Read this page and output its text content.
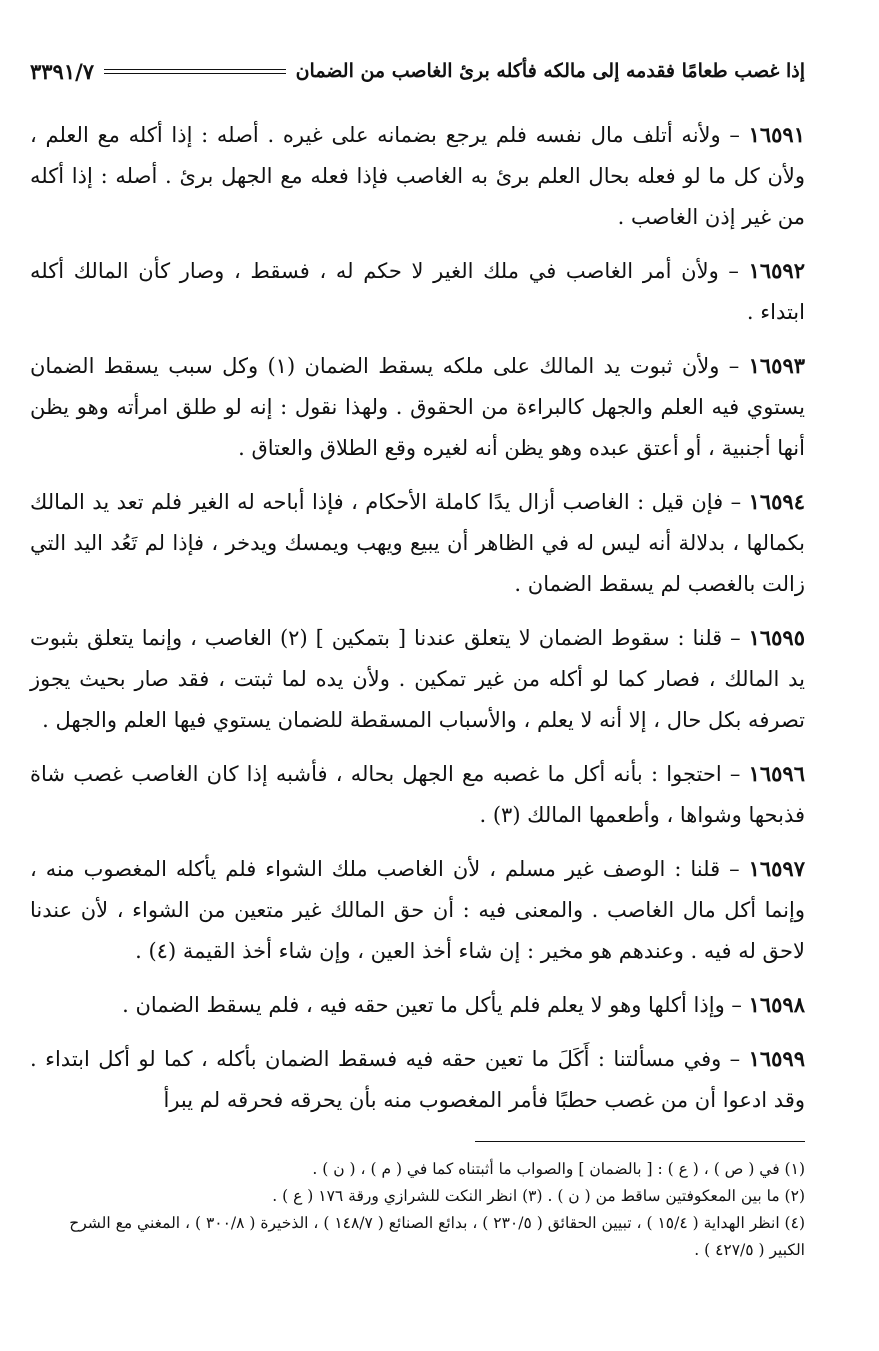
إذا غصب طعامًا فقدمه إلى مالكه فأكله برئ الغاصب من الضمان
٣٣٩١/٧

١٦٥٩١ – ولأنه أتلف مال نفسه فلم يرجع بضمانه على غيره . أصله : إذا أكله مع العلم ، ولأن كل ما لو فعله بحال العلم برئ به الغاصب فإذا فعله مع الجهل برئ . أصله : إذا أكله من غير إذن الغاصب .

١٦٥٩٢ – ولأن أمر الغاصب في ملك الغير لا حكم له ، فسقط ، وصار كأن المالك أكله ابتداء .

١٦٥٩٣ – ولأن ثبوت يد المالك على ملكه يسقط الضمان (١) وكل سبب يسقط الضمان يستوي فيه العلم والجهل كالبراءة من الحقوق . ولهذا نقول : إنه لو طلق امرأته وهو يظن أنها أجنبية ، أو أعتق عبده وهو يظن أنه لغيره وقع الطلاق والعتاق .

١٦٥٩٤ – فإن قيل : الغاصب أزال يدًا كاملة الأحكام ، فإذا أباحه له الغير فلم تعد يد المالك بكمالها ، بدلالة أنه ليس له في الظاهر أن يبيع ويهب ويمسك ويدخر ، فإذا لم تَعُد اليد التي زالت بالغصب لم يسقط الضمان .

١٦٥٩٥ – قلنا : سقوط الضمان لا يتعلق عندنا [ بتمكين ] (٢) الغاصب ، وإنما يتعلق بثبوت يد المالك ، فصار كما لو أكله من غير تمكين . ولأن يده لما ثبتت ، فقد صار بحيث يجوز تصرفه بكل حال ، إلا أنه لا يعلم ، والأسباب المسقطة للضمان يستوي فيها العلم والجهل .

١٦٥٩٦ – احتجوا : بأنه أكل ما غصبه مع الجهل بحاله ، فأشبه إذا كان الغاصب غصب شاة فذبحها وشواها ، وأطعمها المالك (٣) .

١٦٥٩٧ – قلنا : الوصف غير مسلم ، لأن الغاصب ملك الشواء فلم يأكله المغصوب منه ، وإنما أكل مال الغاصب . والمعنى فيه : أن حق المالك غير متعين من الشواء ، لأن عندنا لاحق له فيه . وعندهم هو مخير : إن شاء أخذ العين ، وإن شاء أخذ القيمة (٤) .

١٦٥٩٨ – وإذا أكلها وهو لا يعلم فلم يأكل ما تعين حقه فيه ، فلم يسقط الضمان .

١٦٥٩٩ – وفي مسألتنا : أَكَلَ ما تعين حقه فيه فسقط الضمان بأكله ، كما لو أكل ابتداء . وقد ادعوا أن من غصب حطبًا فأمر المغصوب منه بأن يحرقه فحرقه لم يبرأ

(١) في ( ص ) ، ( ع ) : [ بالضمان ] والصواب ما أثبتناه كما في ( م ) ، ( ن ) .

(٢) ما بين المعكوفتين ساقط من ( ن ) . (٣) انظر النكت للشرازي ورقة ١٧٦ ( ع ) .

(٤) انظر الهداية ( ١٥/٤ ) ، تبيين الحقائق ( ٢٣٠/٥ ) ، بدائع الصنائع ( ١٤٨/٧ ) ، الذخيرة ( ٣٠٠/٨ ) ، المغني مع الشرح الكبير ( ٤٢٧/٥ ) .
